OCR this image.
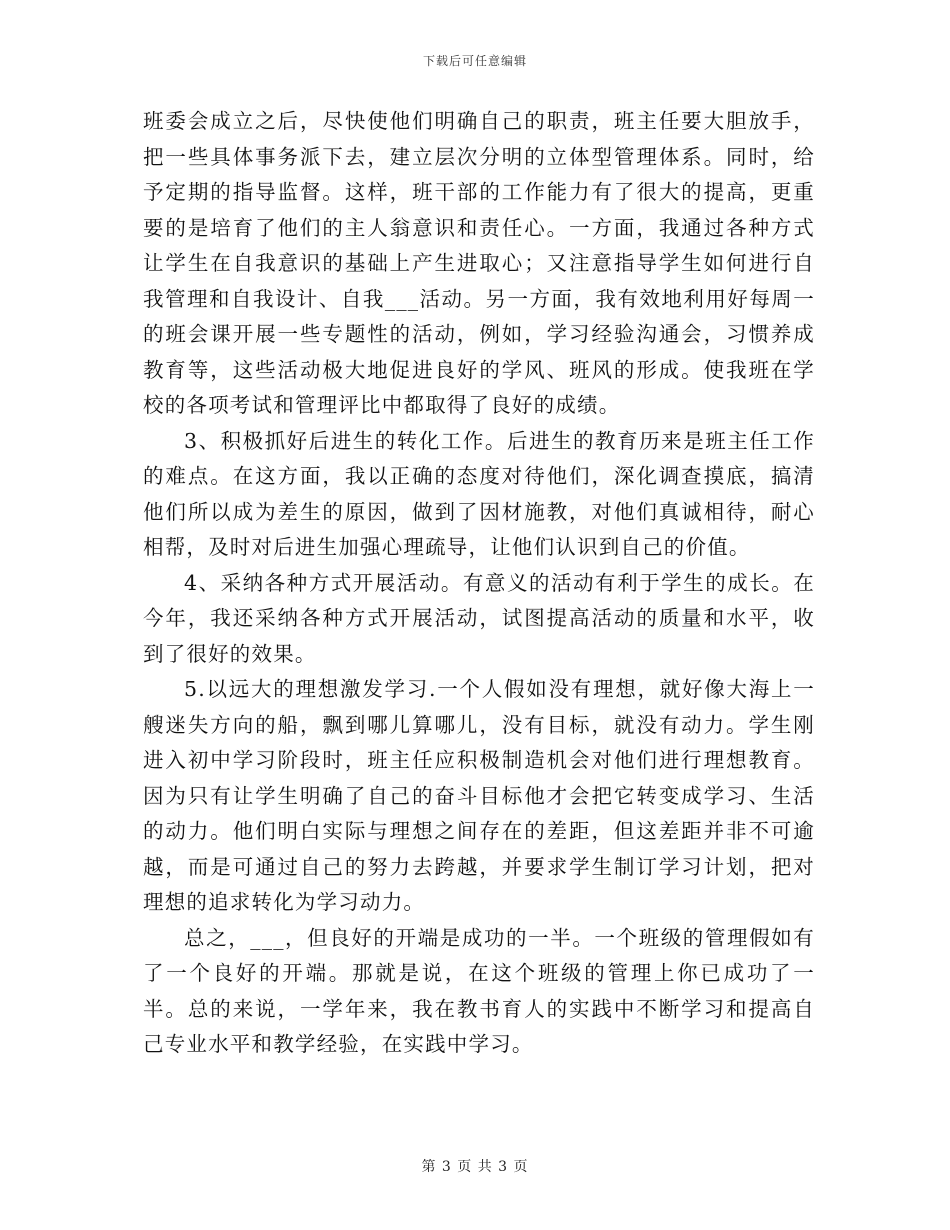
下载后可任意编辑

班委会成立之后，尽快使他们明确自己的职责，班主任要大胆放手，把一些具体事务派下去，建立层次分明的立体型管理体系。同时，给予定期的指导监督。这样，班干部的工作能力有了很大的提高，更重要的是培育了他们的主人翁意识和责任心。一方面，我通过各种方式让学生在自我意识的基础上产生进取心；又注意指导学生如何进行自我管理和自我设计、自我___活动。另一方面，我有效地利用好每周一的班会课开展一些专题性的活动，例如，学习经验沟通会，习惯养成教育等，这些活动极大地促进良好的学风、班风的形成。使我班在学校的各项考试和管理评比中都取得了良好的成绩。

3、积极抓好后进生的转化工作。后进生的教育历来是班主任工作的难点。在这方面，我以正确的态度对待他们，深化调查摸底，搞清他们所以成为差生的原因，做到了因材施教，对他们真诚相待，耐心相帮，及时对后进生加强心理疏导，让他们认识到自己的价值。

4、采纳各种方式开展活动。有意义的活动有利于学生的成长。在今年，我还采纳各种方式开展活动，试图提高活动的质量和水平，收到了很好的效果。

5.以远大的理想激发学习.一个人假如没有理想，就好像大海上一艘迷失方向的船，飘到哪儿算哪儿，没有目标，就没有动力。学生刚进入初中学习阶段时，班主任应积极制造机会对他们进行理想教育。因为只有让学生明确了自己的奋斗目标他才会把它转变成学习、生活的动力。他们明白实际与理想之间存在的差距，但这差距并非不可逾越，而是可通过自己的努力去跨越，并要求学生制订学习计划，把对理想的追求转化为学习动力。

总之，___，但良好的开端是成功的一半。一个班级的管理假如有了一个良好的开端。那就是说，在这个班级的管理上你已成功了一半。总的来说，一学年来，我在教书育人的实践中不断学习和提高自己专业水平和教学经验，在实践中学习。

第 3 页 共 3 页
